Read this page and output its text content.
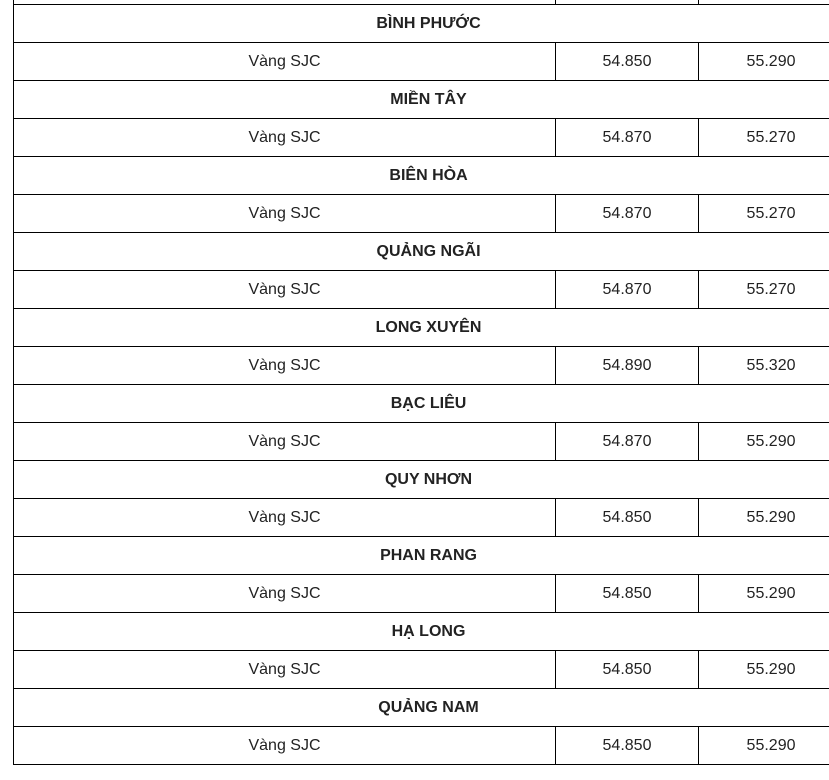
BÌNH PHƯỚC		
Vàng SJC	54.850	55.290
MIỀN TÂY		
Vàng SJC	54.870	55.270
BIÊN HÒA		
Vàng SJC	54.870	55.270
QUẢNG NGÃI		
Vàng SJC	54.870	55.270
LONG XUYÊN		
Vàng SJC	54.890	55.320
BẠC LIÊU		
Vàng SJC	54.870	55.290
QUY NHƠN		
Vàng SJC	54.850	55.290
PHAN RANG		
Vàng SJC	54.850	55.290
HẠ LONG		
Vàng SJC	54.850	55.290
QUẢNG NAM		
Vàng SJC	54.850	55.290
